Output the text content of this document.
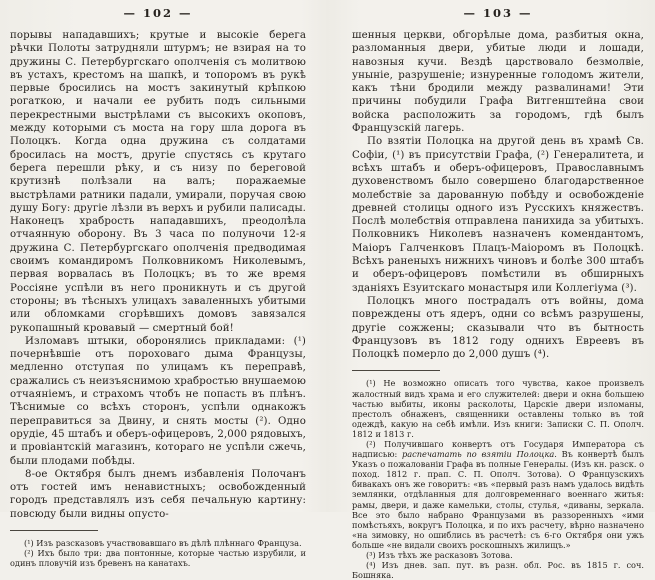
— 102 —

порывы нападавшихъ; крутые и высокіе берега рѣчки Полоты затрудняли штурмъ; не взирая на то дружины С. Петербургскаго ополченія съ молитвою въ устахъ, крестомъ на шапкѣ, и топоромъ въ рукѣ первые бросились на мостъ закинутый крѣпкою рогаткою, и начали ее рубить подъ сильными перекрестными выстрѣлами съ высокихъ окоповъ, между которыми съ моста на гору шла дорога въ Полоцкъ. Когда одна дружина съ солдатами бросилась на мостъ, другіе спустясь съ крутаго берега перешли рѣку, и съ низу по береговой крутизнѣ полѣзали на валъ; поражаемые выстрѣлами ратники падали, умирали, поручая свою душу Богу: другіе лѣзли въ верхъ и рубили палисады. Наконецъ храбрость нападавшихъ, преодолѣла отчаянную оборону. Въ 3 часа по полуночи 12-я дружина С. Петербургскаго ополченія предводимая своимъ командиромъ Полковникомъ Николевымъ, первая ворвалась въ Полоцкъ; въ то же время Россіяне успѣли въ него проникнуть и съ другой стороны; въ тѣсныхъ улицахъ заваленныхъ убитыми или обломками сгорѣвшихъ домовъ завязался рукопашный кровавый — смертный бой!

Изломавъ штыки, оборонялись прикладами: (¹) почернѣвшіе отъ пороховаго дыма Французы, медленно отступая по улицамъ къ переправѣ, сражались съ неизъяснимою храбростью внушаемою отчаяніемъ, и страхомъ чтобъ не попасть въ плѣнъ. Тѣснимые со всѣхъ сторонъ, успѣли однакожъ переправиться за Двину, и снять мосты (²). Одно орудіе, 45 штабъ и оберъ-офицеровъ, 2,000 рядовыхъ, и провіантскій магазинъ, котораго не успѣли сжечь, были плодами побѣды.

8-ое Октября былъ днемъ избавленія Полочанъ отъ гостей имъ ненавистныхъ; освобожденный городъ представлялъ изъ себя печальную картину: повсюду были видны опусто-

(¹) Изъ разсказовъ участвовавшаго въ дѣлѣ плѣннаго Француза.

(²) Ихъ было три: два понтонные, которые частью изрубили, и одинъ пловучій изъ бревенъ на канатахъ.

— 103 —

шенныя церкви, обгорѣлые дома, разбитыя окна, разломанныя двери, убитые люди и лошади, навозныя кучи. Вездѣ царствовало безмолвіе, уныніе, разрушеніе; изнуренные голодомъ жители, какъ тѣни бродили между развалинами! Эти причины побудили Графа Витгенштейна свои войска расположить за городомъ, гдѣ былъ Французскій лагерь.

По взятіи Полоцка на другой день въ храмѣ Св. Софіи, (¹) въ присутствіи Графа, (²) Генералитета, и всѣхъ штабъ и оберъ-офицеровъ, Православнымъ духовенствомъ было совершено благодарственное молебствіе за дарованную побѣду и освобожденіе древней столицы одного изъ Русскихъ княжествъ. Послѣ молебствія отправлена панихида за убитыхъ. Полковникъ Николевъ назначенъ комендантомъ, Маіоръ Галченковъ Плацъ-Маіоромъ въ Полоцкѣ. Всѣхъ раненыхъ нижнихъ чиновъ и болѣе 300 штабъ и оберъ-офицеровъ помѣстили въ обширныхъ зданіяхъ Езуитскаго монастыря или Коллегіума (³).

Полоцкъ много пострадалъ отъ войны, дома повреждены отъ ядеръ, одни со всѣмъ разрушены, другіе сожжены; сказывали что въ бытность Французовъ въ 1812 году однихъ Евреевъ въ Полоцкѣ померло до 2,000 душъ (⁴).

(¹) Не возможно описать того чувства, какое произвелъ жалостный видъ храма и его служителей: двери и окна большею частью выбиты, иконы расколоты, Царскіе двери изломаны, престолъ обнаженъ, священники оставлены только въ той одеждѣ, какую на себѣ имѣли. Изъ книги: Записки С. П. Ополч. 1812 и 1813 г.

(²) Получившаго конвертъ отъ Государя Императора съ надписью: распечатать по взятіи Полоцка. Въ конвертѣ былъ Указъ о пожалованіи Графа въ полные Генералы. (Изъ кн. разск. о поход. 1812 г. прап. С. П. Ополч. Зотова). О Французскихъ бивакахъ онъ же говоритъ: «въ «первый разъ намъ удалось видѣть землянки, отдѣланныя для долговременнаго военнаго житья: рамы, двери, и даже камельки, столы, стулья, «диваны, зеркала. Все это было набрано Французами въ раззоренныхъ «ими помѣстьяхъ, вокругъ Полоцка, и по ихъ расчету, вѣрно назначено «на зимовку, но ошиблись въ расчетѣ: съ 6-го Октября они ужъ больше «не видали своихъ роскошныхъ жилищъ.»

(³) Изъ тѣхъ же расказовъ Зотова.

(⁴) Изъ днев. зап. пут. въ разн. обл. Рос. въ 1815 г. соч. Бошняка.
